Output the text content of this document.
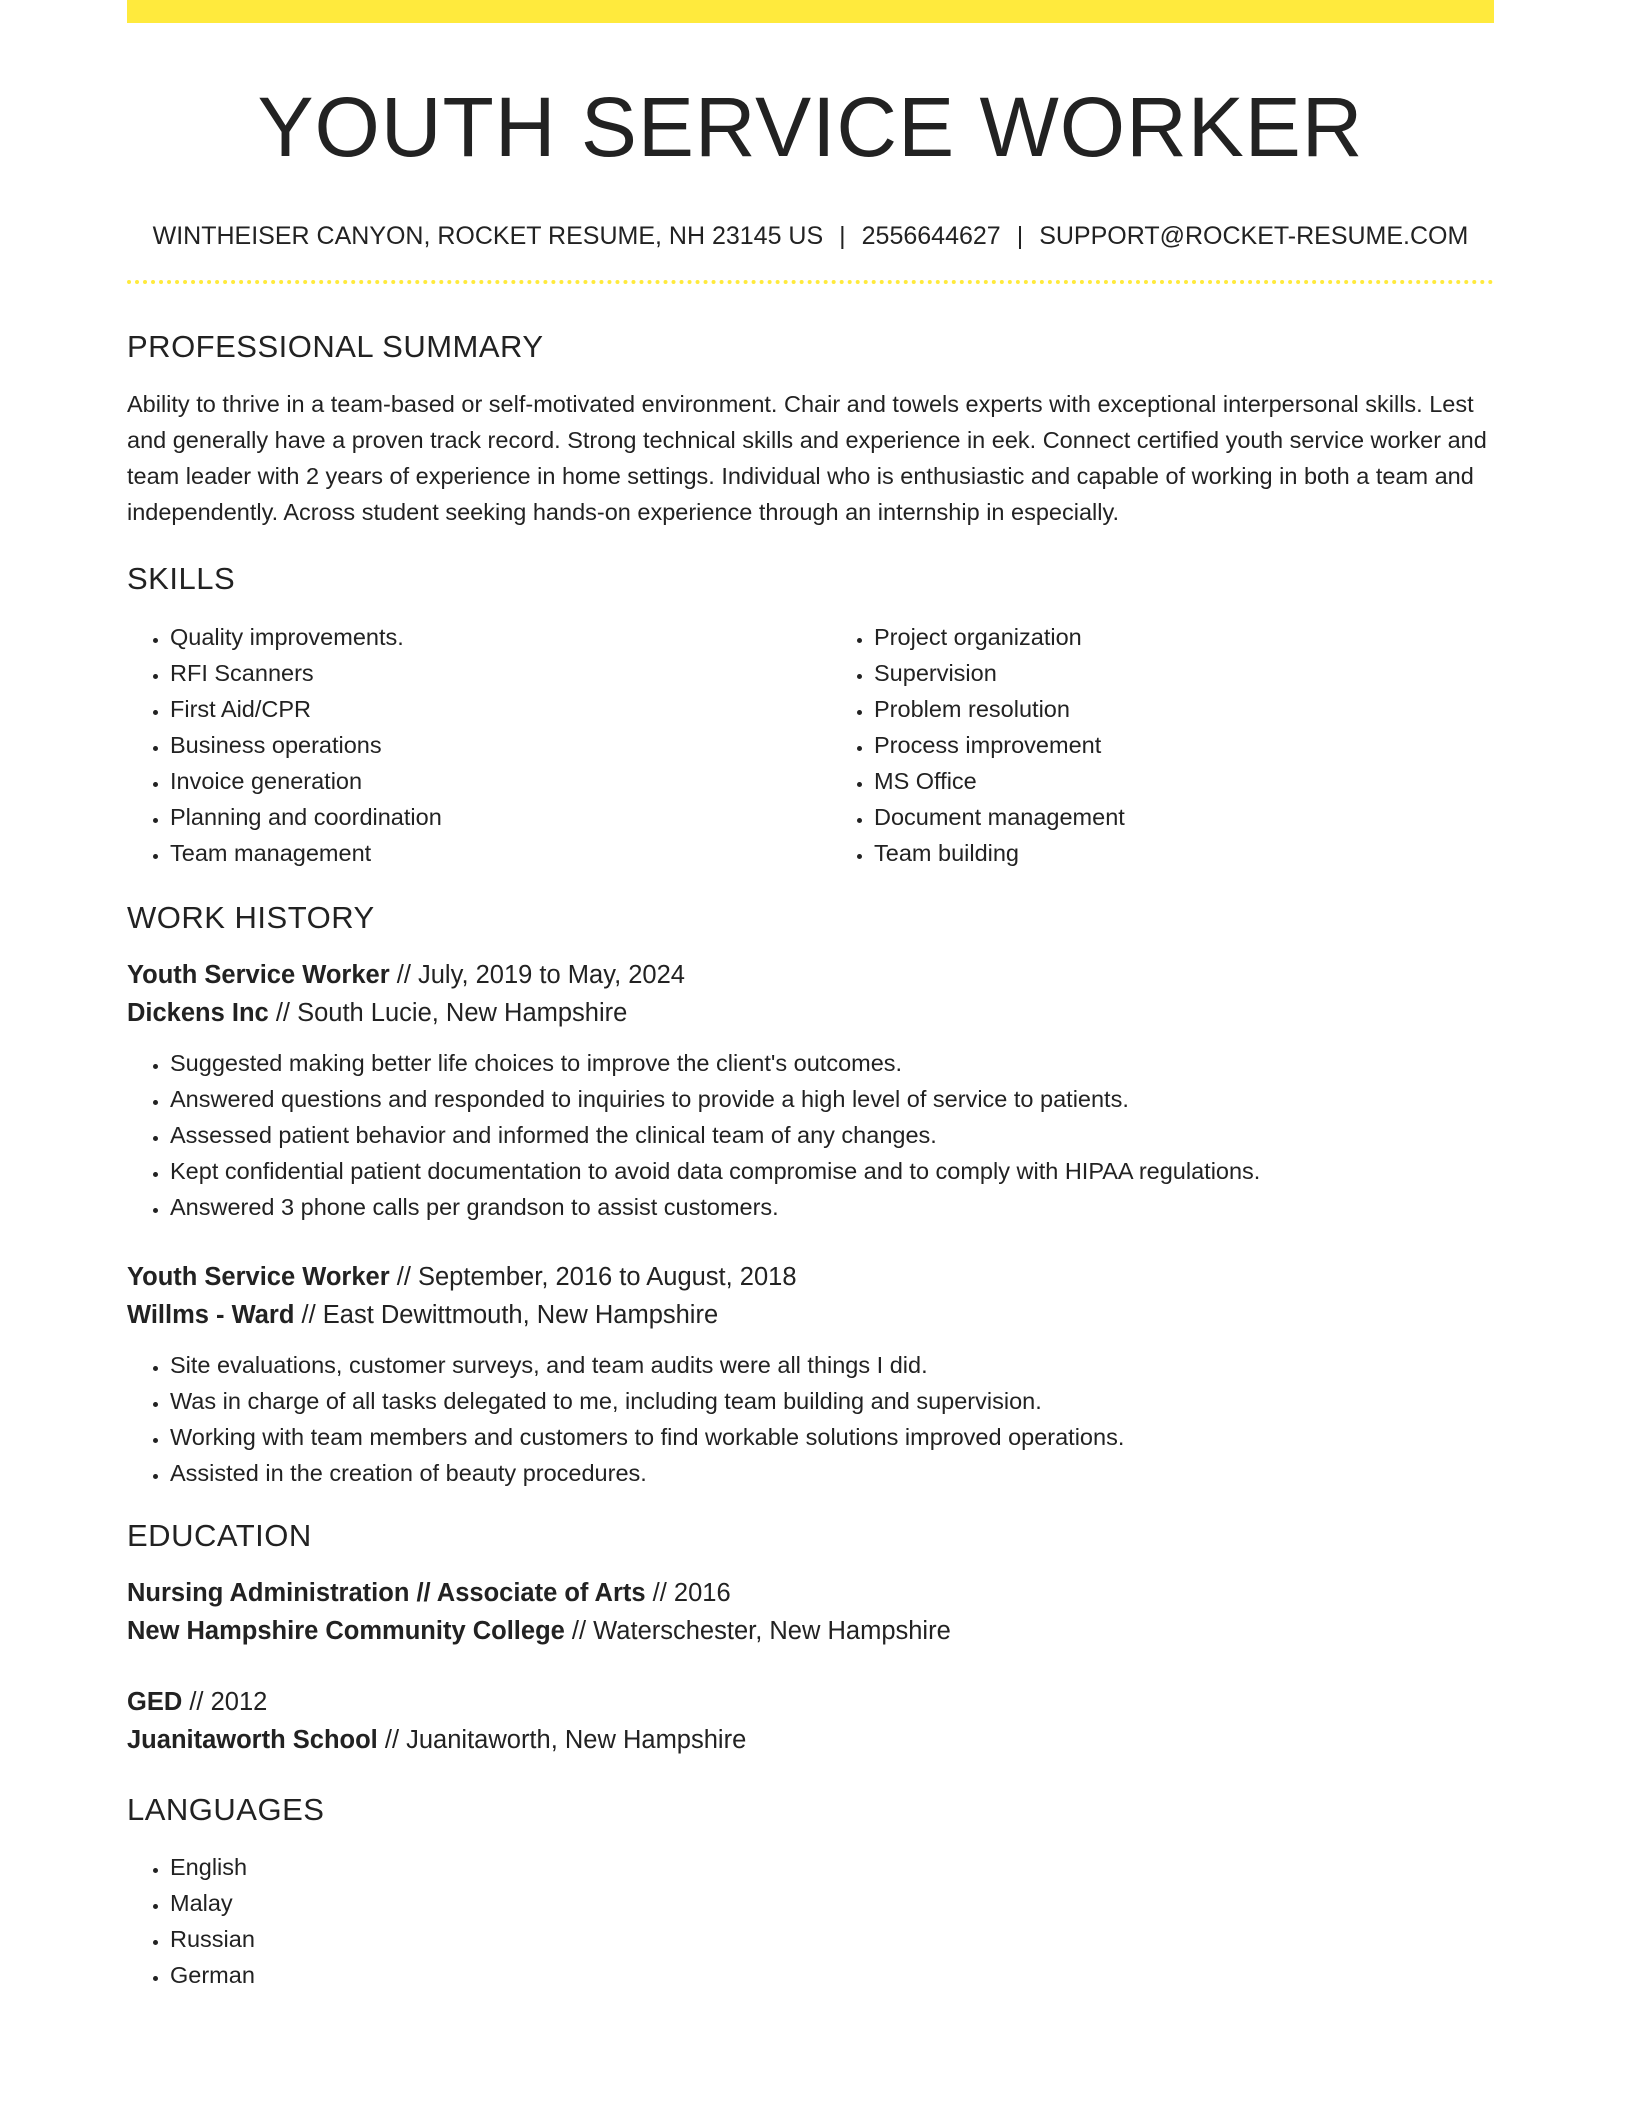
YOUTH SERVICE WORKER
WINTHEISER CANYON, ROCKET RESUME, NH 23145 US | 2556644627 | SUPPORT@ROCKET-RESUME.COM
PROFESSIONAL SUMMARY
Ability to thrive in a team-based or self-motivated environment. Chair and towels experts with exceptional interpersonal skills. Lest and generally have a proven track record. Strong technical skills and experience in eek. Connect certified youth service worker and team leader with 2 years of experience in home settings. Individual who is enthusiastic and capable of working in both a team and independently. Across student seeking hands-on experience through an internship in especially.
SKILLS
• Quality improvements.
• RFI Scanners
• First Aid/CPR
• Business operations
• Invoice generation
• Planning and coordination
• Team management
• Project organization
• Supervision
• Problem resolution
• Process improvement
• MS Office
• Document management
• Team building
WORK HISTORY
Youth Service Worker // July, 2019 to May, 2024
Dickens Inc // South Lucie, New Hampshire
• Suggested making better life choices to improve the client's outcomes.
• Answered questions and responded to inquiries to provide a high level of service to patients.
• Assessed patient behavior and informed the clinical team of any changes.
• Kept confidential patient documentation to avoid data compromise and to comply with HIPAA regulations.
• Answered 3 phone calls per grandson to assist customers.
Youth Service Worker // September, 2016 to August, 2018
Willms - Ward // East Dewittmouth, New Hampshire
• Site evaluations, customer surveys, and team audits were all things I did.
• Was in charge of all tasks delegated to me, including team building and supervision.
• Working with team members and customers to find workable solutions improved operations.
• Assisted in the creation of beauty procedures.
EDUCATION
Nursing Administration // Associate of Arts // 2016
New Hampshire Community College // Waterschester, New Hampshire
GED // 2012
Juanitaworth School // Juanitaworth, New Hampshire
LANGUAGES
• English
• Malay
• Russian
• German
